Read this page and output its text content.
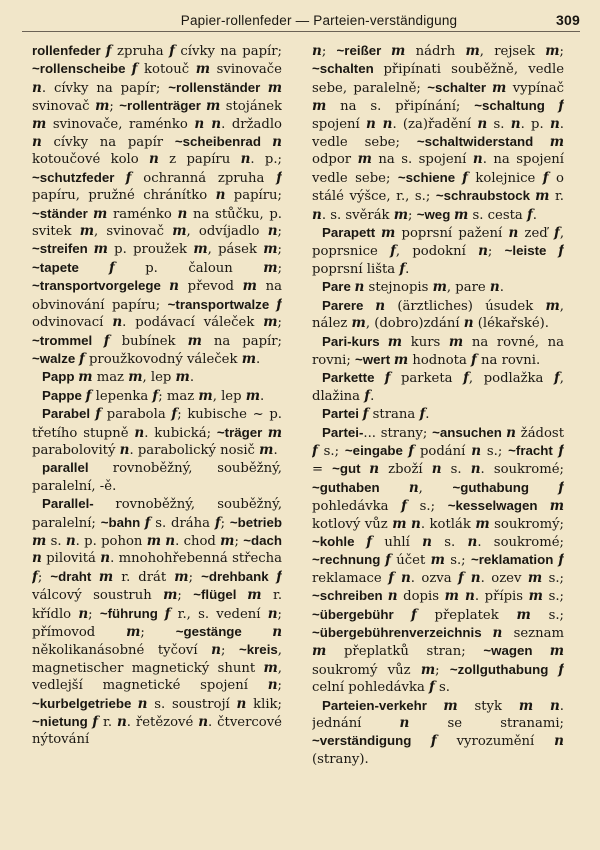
Papier-rollenfeder — Parteien-verständigung	309

rollenfeder f zpruha f cívky na papír; ~rollenscheibe f kotouč m svinovače n. cívky na papír; ~rollenständer m svinovač m; ~rollenträger m stojánek m svinovače, raménko n n. držadlo n cívky na papír ~scheibenrad n kotoučové kolo n z papíru n. p.; ~schutzfeder f ochranná zpruha f papíru, pružné chránítko n papíru; ~ständer m raménko n na stůčku, p. svitek m, svinovač m, odvíjadlo n; ~streifen m p. proužek m, pásek m; ~tapete f p. čaloun m; ~transportvorgelege n převod m na obvinování papíru; ~transportwalze f odvinovací n. podávací váleček m; ~trommel f bubínek m na papír; ~walze f proužkovodný váleček m.

Papp m maz m, lep m.

Pappe f lepenka f; maz m, lep m.

Parabel f parabola f; kubische ~ p. třetího stupně n. kubická; ~träger m parabolovitý n. parabolický nosič m.

parallel rovnoběžný, souběžný, paralelní, -ě.

Parallel- rovnoběžný, souběžný, paralelní; ~bahn f s. dráha f; ~betrieb m s. n. p. pohon m n. chod m; ~dach n pilovitá n. mnohohřebenná střecha f; ~draht m r. drát m; ~drehbank f válcový soustruh m; ~flügel m r. křídlo n; ~führung f r., s. vedení n; přímovod m; ~gestänge n několikanásobné tyčoví n; ~kreis, magnetischer magnetický shunt m, vedlejší magnetické spojení n; ~kurbelgetriebe n s. soustrojí n klik; ~nietung f r. n. řetězové n. čtvercové nýtování

n; ~reißer m nádrh m, rejsek m; ~schalten připínati souběžně, vedle sebe, paralelně; ~schalter m vypínač m na s. připínání; ~schaltung f spojení n n. (za)řadění n s. n. p. n. vedle sebe; ~schaltwiderstand m odpor m na s. spojení n. na spojení vedle sebe; ~schiene f kolejnice f o stálé výšce, r., s.; ~schraubstock m r. n. s. svěrák m; ~weg m s. cesta f.

Parapett m poprsní pažení n zeď f, poprsnice f, podokní n; ~leiste f poprsní lišta f.

Pare n stejnopis m, pare n.

Parere n (ärztliches) úsudek m, nález m, (dobro)zdání n (lékařské).

Pari-kurs m kurs m na rovné, na rovni; ~wert m hodnota f na rovni.

Parkette f parketa f, podlažka f, dlažina f.

Partei f strana f.

Partei-... strany; ~ansuchen n žádost f s.; ~eingabe f podání n s.; ~fracht f = ~gut n zboží n s. n. soukromé; ~guthaben n, ~guthabung f pohledávka f s.; ~kesselwagen m kotlový vůz m n. kotlák m soukromý; ~kohle f uhlí n s. n. soukromé; ~rechnung f účet m s.; ~reklamation f reklamace f n. ozva f n. ozev m s.; ~schreiben n dopis m n. přípis m s.; ~übergebühr f přeplatek m s.; ~übergebührenverzeichnis n seznam m přeplatků stran; ~wagen m soukromý vůz m; ~zollguthabung f celní pohledávka f s.

Parteien-verkehr m styk m n. jednání n se stranami; ~verständigung f vyrozumění n (strany).
